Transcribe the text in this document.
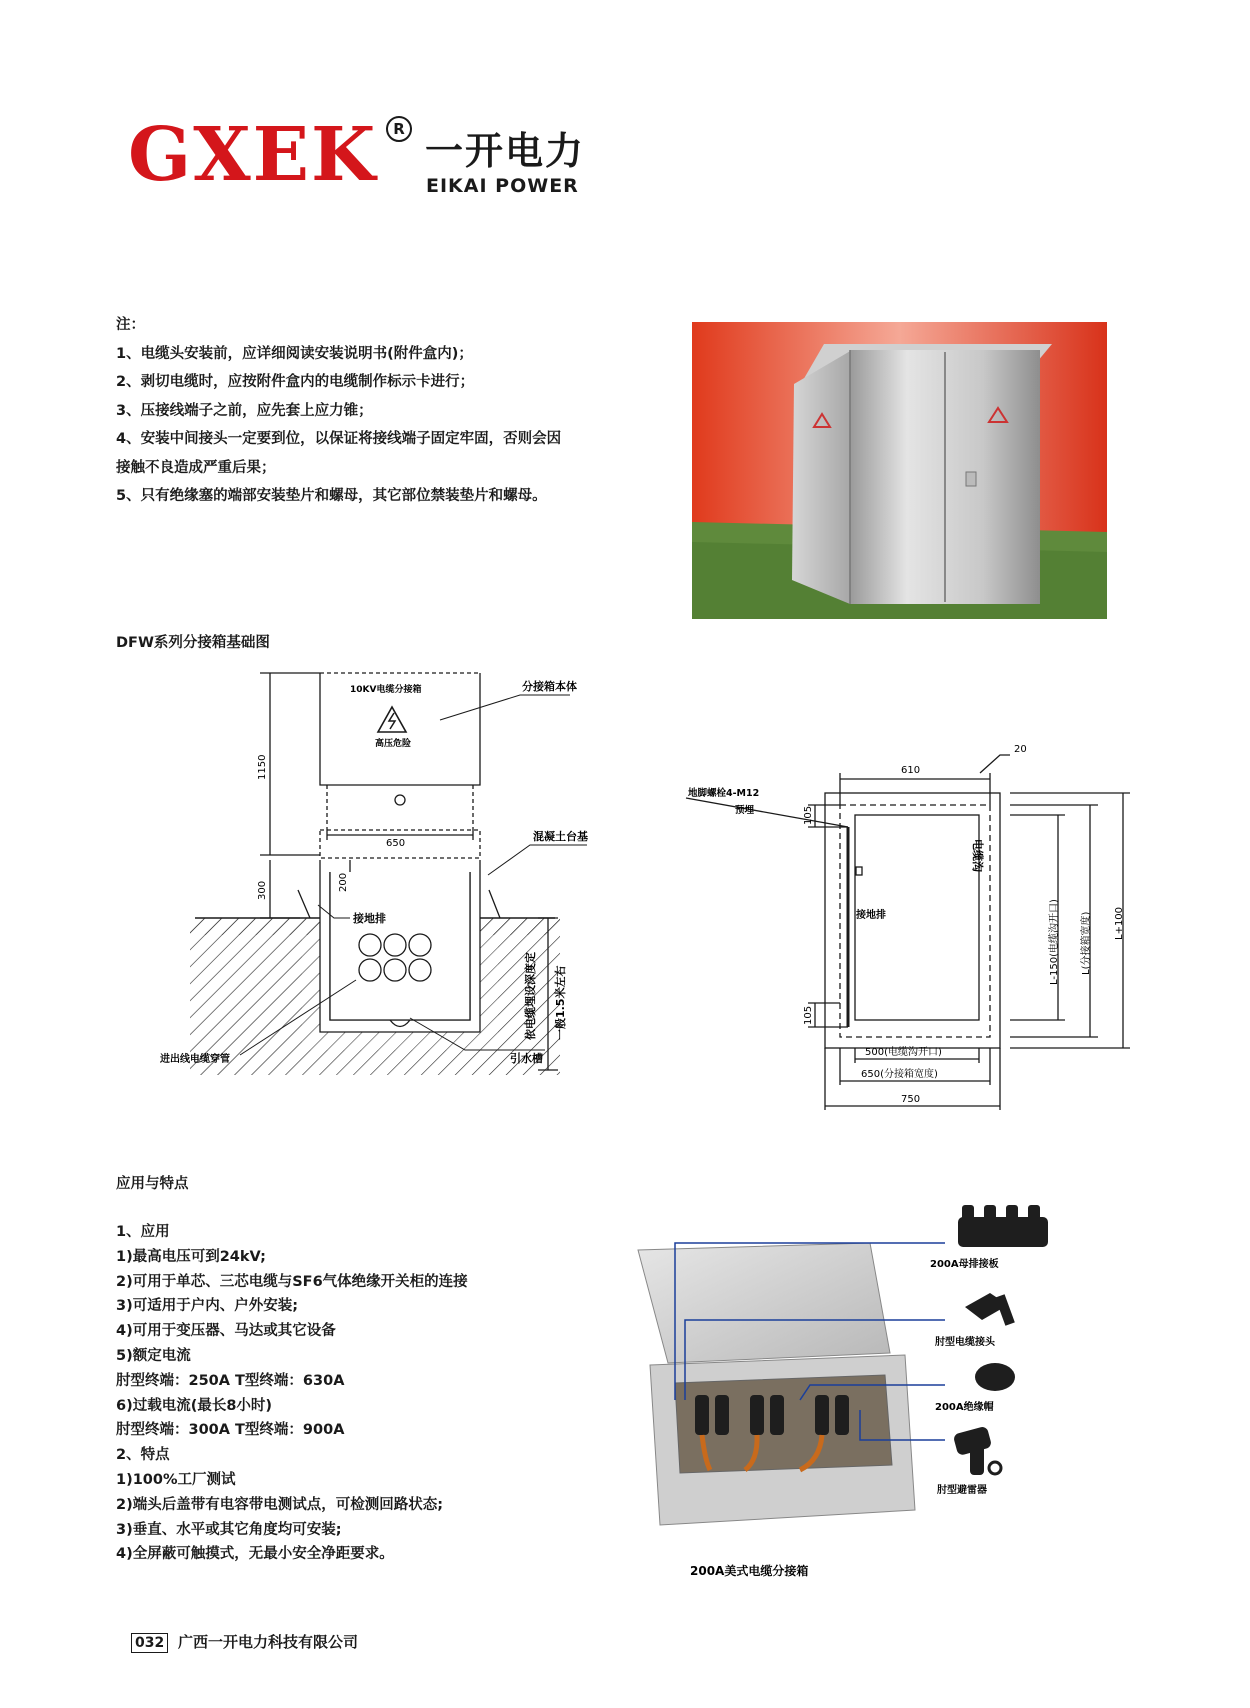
GXEK	R 一开电力
EIKAI POWER

注：

1、电缆头安装前，应详细阅读安装说明书(附件盒内)；

2、剥切电缆时，应按附件盒内的电缆制作标示卡进行；

3、压接线端子之前，应先套上应力锥；

4、安装中间接头一定要到位，以保证将接线端子固定牢固，否则会因

接触不良造成严重后果；

5、只有绝缘塞的端部安装垫片和螺母，其它部位禁装垫片和螺母。

DFW系列分接箱基础图
10KV电缆分接箱
高压危险
分接箱本体
混凝土台基
接地排
进出线电缆穿管	引水槽
650
1150
300	200
依电缆埋设深度定 一般1.5米左右
610
20
地脚螺栓4-M12
预埋
接地排
电缆沟
105
105
500(电缆沟开口)
650(分接箱宽度)
750
L-150(电缆沟开口) L(分接箱宽度) L+100
应用与特点

1、应用

1)最高电压可到24kV;

2)可用于单芯、三芯电缆与SF6气体绝缘开关柜的连接

3)可适用于户内、户外安装;

4)可用于变压器、马达或其它设备

5)额定电流

肘型终端：250A T型终端：630A

6)过载电流(最长8小时)

肘型终端：300A T型终端：900A

2、特点

1)100%工厂测试

2)端头后盖带有电容带电测试点，可检测回路状态;

3)垂直、水平或其它角度均可安装;

4)全屏蔽可触摸式，无最小安全净距要求。

200A母排接板
肘型电缆接头
200A绝缘帽
肘型避雷器
200A美式电缆分接箱
032 广西一开电力科技有限公司
